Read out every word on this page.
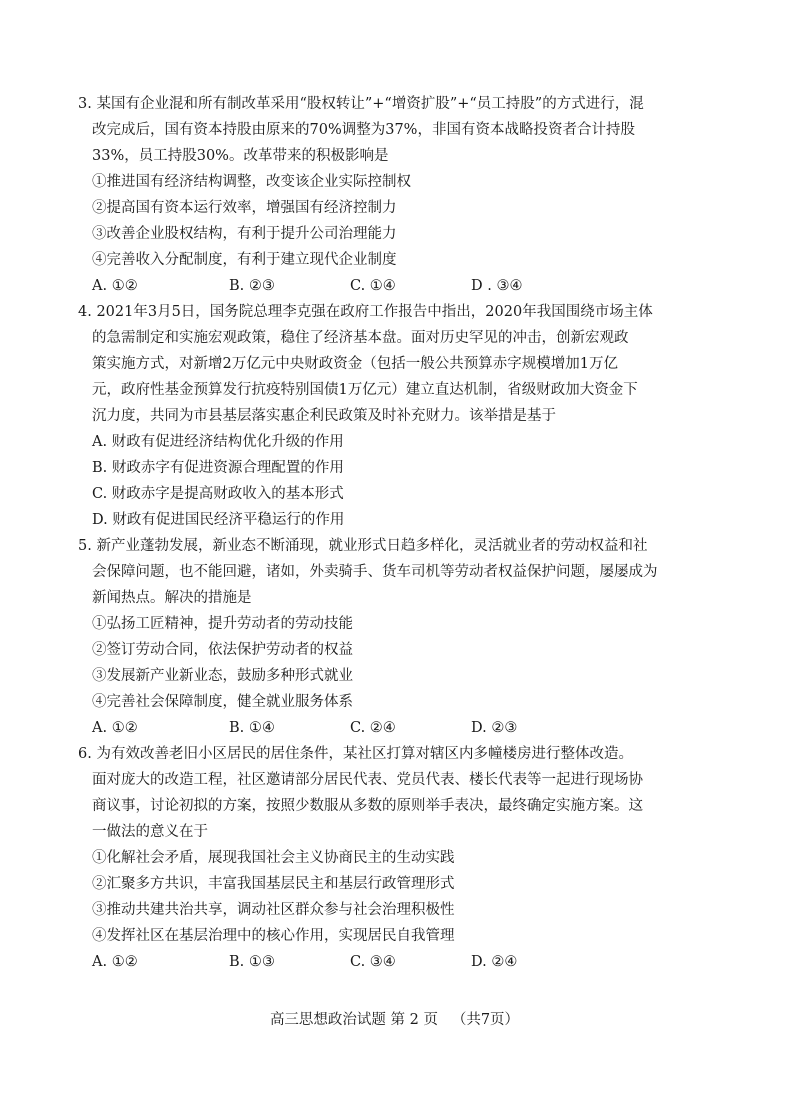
3. 某国有企业混和所有制改革采用“股权转让”+“增资扩股”+“员工持股”的方式进行，混
改完成后，国有资本持股由原来的70%调整为37%，非国有资本战略投资者合计持股
33%，员工持股30%。改革带来的积极影响是
①推进国有经济结构调整，改变该企业实际控制权
②提高国有资本运行效率，增强国有经济控制力
③改善企业股权结构，有利于提升公司治理能力
④完善收入分配制度，有利于建立现代企业制度
A. ①②	B. ②③	C. ①④	D . ③④
4. 2021年3月5日，国务院总理李克强在政府工作报告中指出，2020年我国围绕市场主体
的急需制定和实施宏观政策，稳住了经济基本盘。面对历史罕见的冲击，创新宏观政
策实施方式，对新增2万亿元中央财政资金（包括一般公共预算赤字规模增加1万亿
元，政府性基金预算发行抗疫特别国债1万亿元）建立直达机制，省级财政加大资金下
沉力度，共同为市县基层落实惠企利民政策及时补充财力。该举措是基于
A. 财政有促进经济结构优化升级的作用
B. 财政赤字有促进资源合理配置的作用
C. 财政赤字是提高财政收入的基本形式
D. 财政有促进国民经济平稳运行的作用
5. 新产业蓬勃发展，新业态不断涌现，就业形式日趋多样化，灵活就业者的劳动权益和社
会保障问题，也不能回避，诸如，外卖骑手、货车司机等劳动者权益保护问题，屡屡成为
新闻热点。解决的措施是
①弘扬工匠精神，提升劳动者的劳动技能
②签订劳动合同，依法保护劳动者的权益
③发展新产业新业态，鼓励多种形式就业
④完善社会保障制度，健全就业服务体系
A. ①②	B. ①④	C. ②④	D. ②③
6. 为有效改善老旧小区居民的居住条件，某社区打算对辖区内多幢楼房进行整体改造。
面对庞大的改造工程，社区邀请部分居民代表、党员代表、楼长代表等一起进行现场协
商议事，讨论初拟的方案，按照少数服从多数的原则举手表决，最终确定实施方案。这
一做法的意义在于
①化解社会矛盾，展现我国社会主义协商民主的生动实践
②汇聚多方共识，丰富我国基层民主和基层行政管理形式
③推动共建共治共享，调动社区群众参与社会治理积极性
④发挥社区在基层治理中的核心作用，实现居民自我管理
A. ①②	B. ①③	C. ③④	D. ②④
高三思想政治试题 第 2 页 （共7页）
